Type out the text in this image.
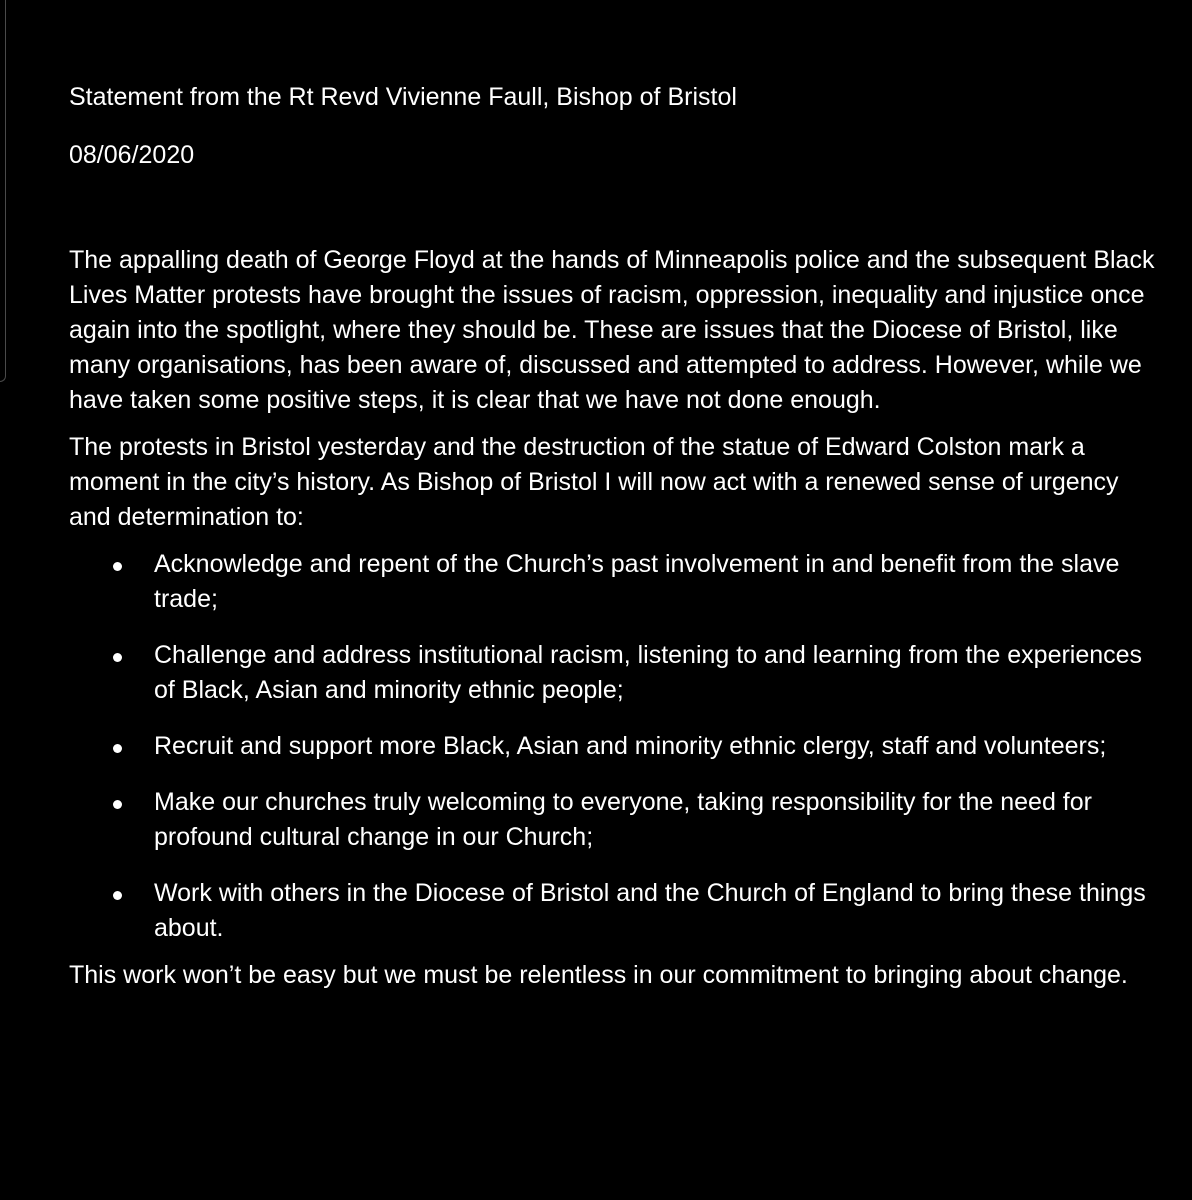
Statement from the Rt Revd Vivienne Faull, Bishop of Bristol

08/06/2020

The appalling death of George Floyd at the hands of Minneapolis police and the subsequent Black Lives Matter protests have brought the issues of racism, oppression, inequality and injustice once again into the spotlight, where they should be. These are issues that the Diocese of Bristol, like many organisations, has been aware of, discussed and attempted to address. However, while we have taken some positive steps, it is clear that we have not done enough.

The protests in Bristol yesterday and the destruction of the statue of Edward Colston mark a moment in the city’s history. As Bishop of Bristol I will now act with a renewed sense of urgency and determination to:

Acknowledge and repent of the Church’s past involvement in and benefit from the slave trade;
Challenge and address institutional racism, listening to and learning from the experiences of Black, Asian and minority ethnic people;
Recruit and support more Black, Asian and minority ethnic clergy, staff and volunteers;
Make our churches truly welcoming to everyone, taking responsibility for the need for profound cultural change in our Church;
Work with others in the Diocese of Bristol and the Church of England to bring these things about.

This work won’t be easy but we must be relentless in our commitment to bringing about change.
